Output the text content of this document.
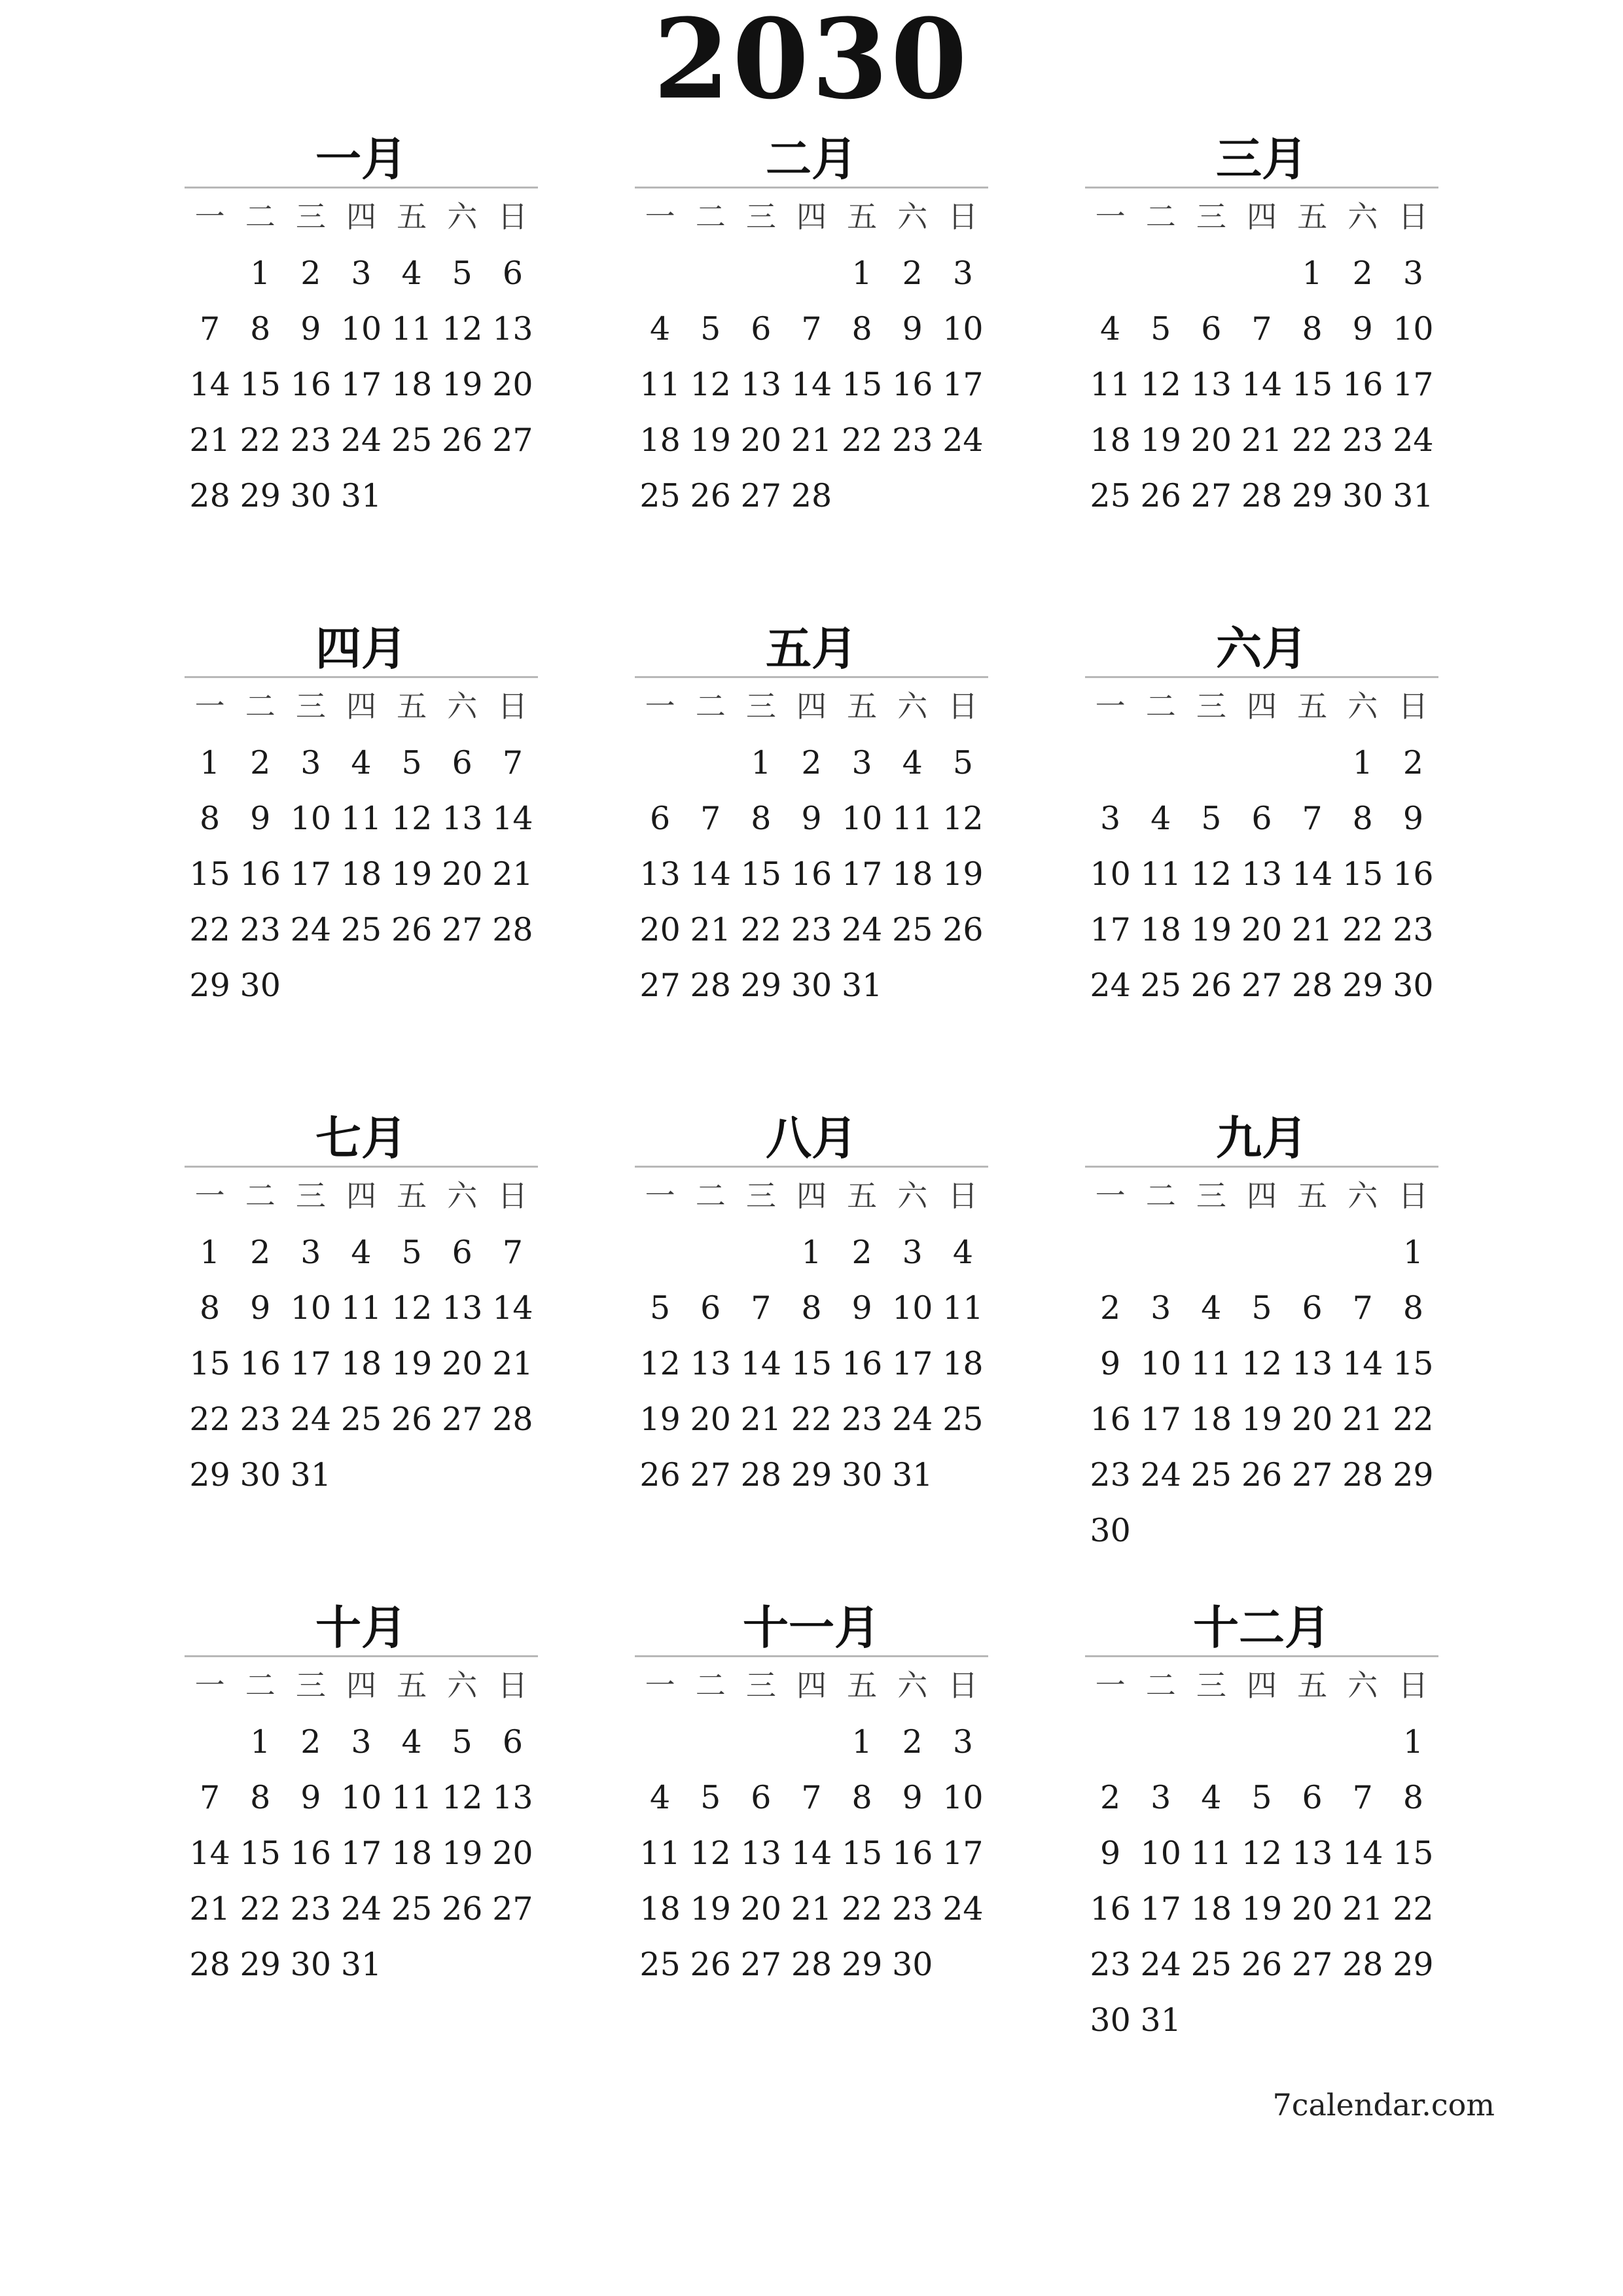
2030
一月
一 二 三 四 五 六 日
1 2 3 4 5 6
7 8 9 10 11 12 13
14 15 16 17 18 19 20
21 22 23 24 25 26 27
28 29 30 31
二月
一 二 三 四 五 六 日
1 2 3
4 5 6 7 8 9 10
11 12 13 14 15 16 17
18 19 20 21 22 23 24
25 26 27 28
三月
一 二 三 四 五 六 日
1 2 3
4 5 6 7 8 9 10
11 12 13 14 15 16 17
18 19 20 21 22 23 24
25 26 27 28 29 30 31
四月
一 二 三 四 五 六 日
1 2 3 4 5 6 7
8 9 10 11 12 13 14
15 16 17 18 19 20 21
22 23 24 25 26 27 28
29 30
五月
一 二 三 四 五 六 日
1 2 3 4 5
6 7 8 9 10 11 12
13 14 15 16 17 18 19
20 21 22 23 24 25 26
27 28 29 30 31
六月
一 二 三 四 五 六 日
1 2
3 4 5 6 7 8 9
10 11 12 13 14 15 16
17 18 19 20 21 22 23
24 25 26 27 28 29 30
七月
一 二 三 四 五 六 日
1 2 3 4 5 6 7
8 9 10 11 12 13 14
15 16 17 18 19 20 21
22 23 24 25 26 27 28
29 30 31
八月
一 二 三 四 五 六 日
1 2 3 4
5 6 7 8 9 10 11
12 13 14 15 16 17 18
19 20 21 22 23 24 25
26 27 28 29 30 31
九月
一 二 三 四 五 六 日
1
2 3 4 5 6 7 8
9 10 11 12 13 14 15
16 17 18 19 20 21 22
23 24 25 26 27 28 29
30
十月
一 二 三 四 五 六 日
1 2 3 4 5 6
7 8 9 10 11 12 13
14 15 16 17 18 19 20
21 22 23 24 25 26 27
28 29 30 31
十一月
一 二 三 四 五 六 日
1 2 3
4 5 6 7 8 9 10
11 12 13 14 15 16 17
18 19 20 21 22 23 24
25 26 27 28 29 30
十二月
一 二 三 四 五 六 日
1
2 3 4 5 6 7 8
9 10 11 12 13 14 15
16 17 18 19 20 21 22
23 24 25 26 27 28 29
30 31
7calendar.com
